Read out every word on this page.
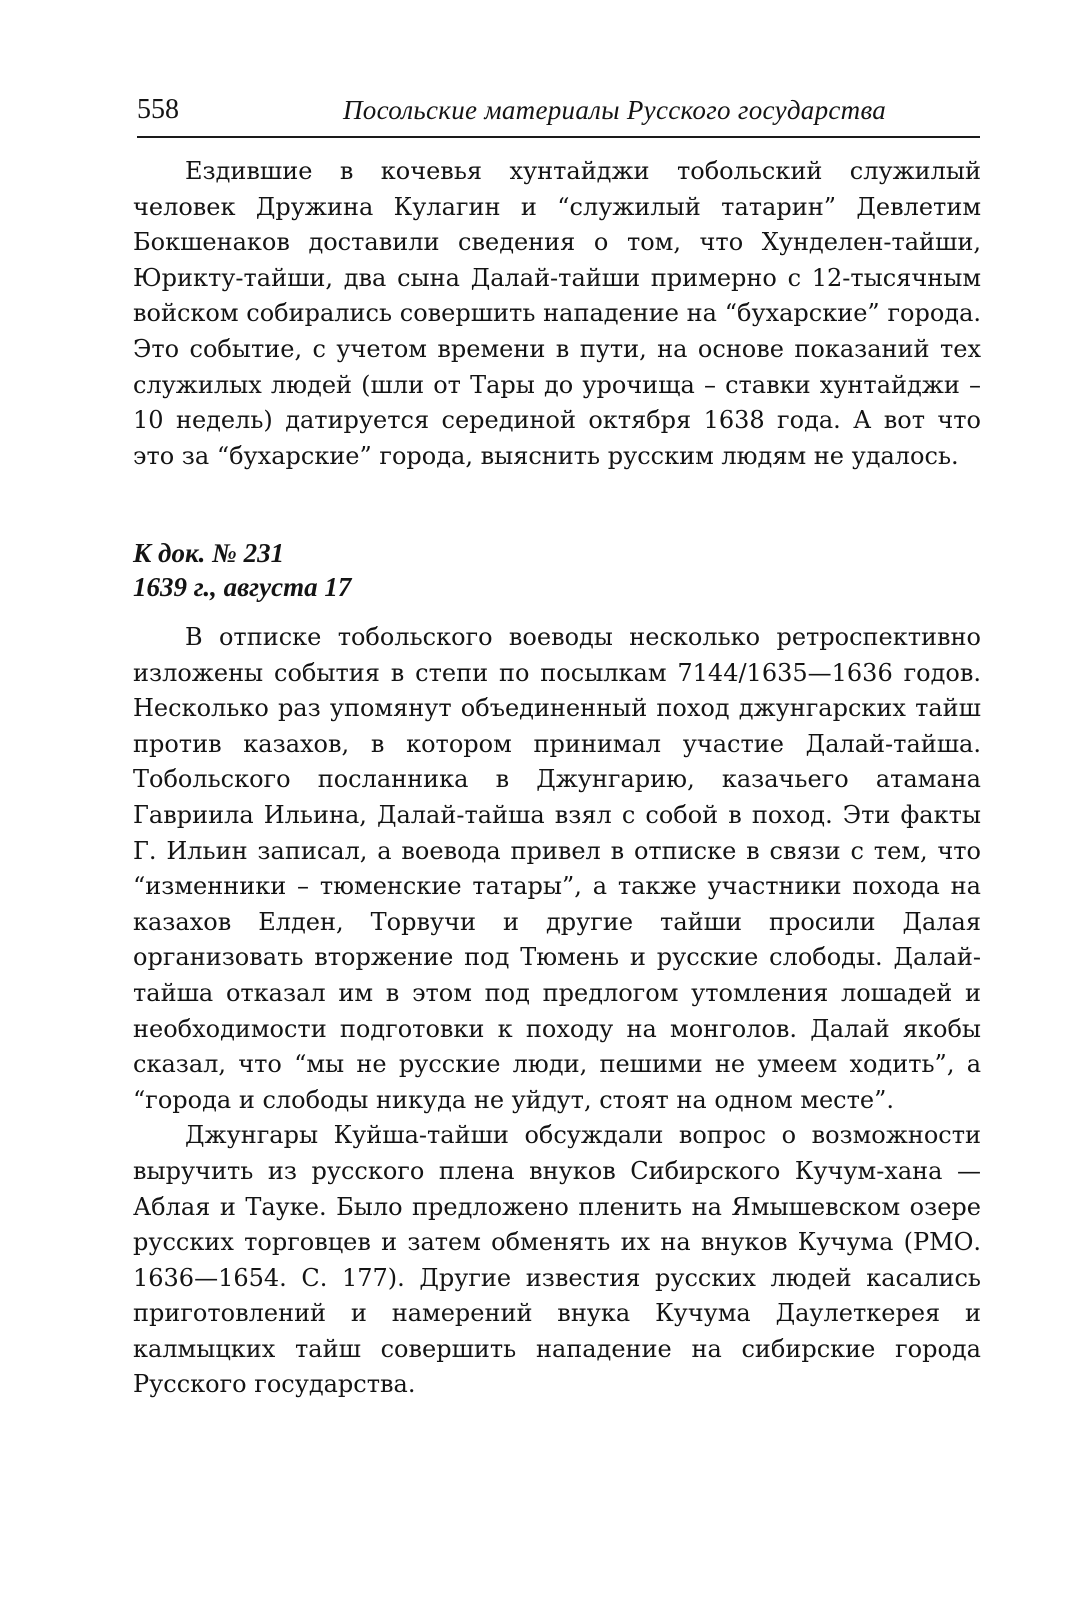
558	Посольские материалы Русского государства

Ездившие в кочевья хунтайджи тобольский служилый человек Дружина Кулагин и “служилый татарин” Девлетим Бокшенаков доставили сведения о том, что Хунделен-тайши, Юрикту-тайши, два сына Далай-тайши примерно с 12-тысячным войском собирались совершить нападение на “бухарские” города. Это событие, с учетом времени в пути, на основе показаний тех служилых людей (шли от Тары до урочища – ставки хунтайджи – 10 недель) датируется серединой октября 1638 года. А вот что это за “бухарские” города, выяснить русским людям не удалось.

К док. № 231
1639 г., августа 17

В отписке тобольского воеводы несколько ретроспективно изложены события в степи по посылкам 7144/1635—1636 годов. Несколько раз упомянут объединенный поход джунгарских тайш против казахов, в котором принимал участие Далай-тайша. Тобольского посланника в Джунгарию, казачьего атамана Гавриила Ильина, Далай-тайша взял с собой в поход. Эти факты Г. Ильин записал, а воевода привел в отписке в связи с тем, что “изменники – тюменские татары”, а также участники похода на казахов Елден, Торвучи и другие тайши просили Далая организовать вторжение под Тюмень и русские слободы. Далай-тайша отказал им в этом под предлогом утомления лошадей и необходимости подготовки к походу на монголов. Далай якобы сказал, что “мы не русские люди, пешими не умеем ходить”, а “города и слободы никуда не уйдут, стоят на одном месте”.

Джунгары Куйша-тайши обсуждали вопрос о возможности выручить из русского плена внуков Сибирского Кучум-хана — Аблая и Тауке. Было предложено пленить на Ямышевском озере русских торговцев и затем обменять их на внуков Кучума (РМО. 1636—1654. С. 177). Другие известия русских людей касались приготовлений и намерений внука Кучума Даулеткерея и калмыцких тайш совершить нападение на сибирские города Русского государства.
